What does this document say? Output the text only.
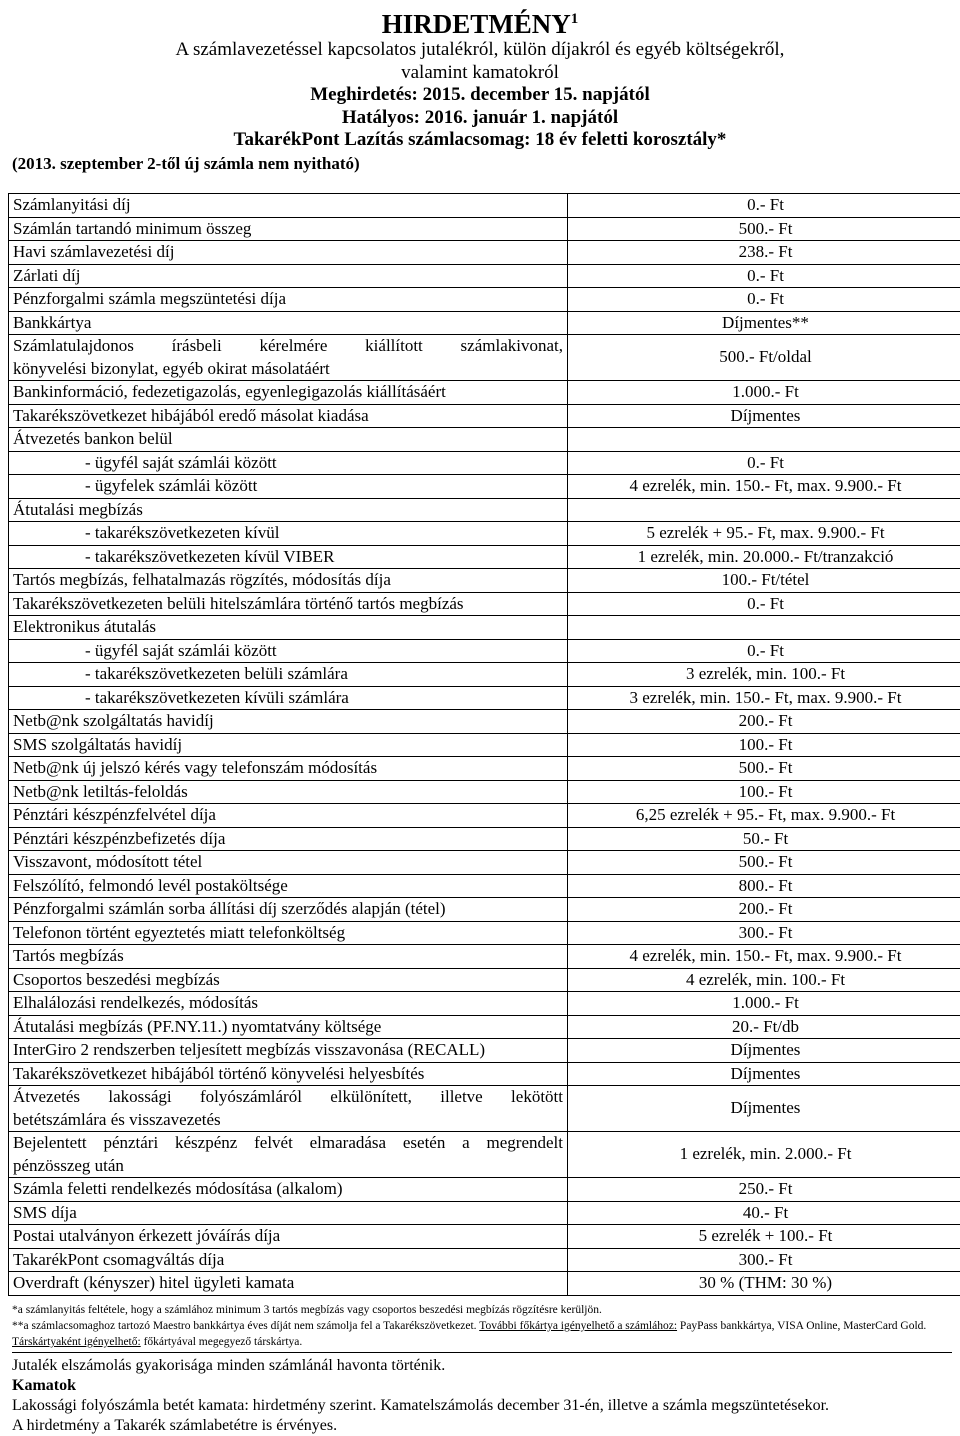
HIRDETMÉNY$^1$
A számlavezetéssel kapcsolatos jutalékról, külön díjakról és egyéb költségekről,
valamint kamatokról
Meghirdetés: 2015. december 15. napjától
Hatályos: 2016. január 1. napjától
TakarékPont Lazítás számlacsomag: 18 év feletti korosztály*
(2013. szeptember 2-től új számla nem nyitható)
Számlanyitási díj	0.- Ft
Számlán tartandó minimum összeg	500.- Ft
Havi számlavezetési díj	238.- Ft
Zárlati díj	0.- Ft
Pénzforgalmi számla megszüntetési díja	0.- Ft
Bankkártya	Díjmentes**

Számlatulajdonos írásbeli kérelmére kiállított számlakivonat,
könyvelési bizonylat, egyéb okirat másolatáért	500.- Ft/oldal
Bankinformáció, fedezetigazolás, egyenlegigazolás kiállításáért	1.000.- Ft
Takarékszövetkezet hibájából eredő másolat kiadása	Díjmentes
Átvezetés bankon belül	

- ügyfél saját számlái között	0.- Ft

- ügyfelek számlái között	4 ezrelék, min. 150.- Ft, max. 9.900.- Ft
Átutalási megbízás	

- takarékszövetkezeten kívül	5 ezrelék + 95.- Ft, max. 9.900.- Ft

- takarékszövetkezeten kívül VIBER	1 ezrelék, min. 20.000.- Ft/tranzakció
Tartós megbízás, felhatalmazás rögzítés, módosítás díja	100.- Ft/tétel
Takarékszövetkezeten belüli hitelszámlára történő tartós megbízás	0.- Ft
Elektronikus átutalás	

- ügyfél saját számlái között	0.- Ft

- takarékszövetkezeten belüli számlára	3 ezrelék, min. 100.- Ft

- takarékszövetkezeten kívüli számlára	3 ezrelék, min. 150.- Ft, max. 9.900.- Ft
Netb@nk szolgáltatás havidíj	200.- Ft
SMS szolgáltatás havidíj	100.- Ft
Netb@nk új jelszó kérés vagy telefonszám módosítás	500.- Ft
Netb@nk letiltás-feloldás	100.- Ft
Pénztári készpénzfelvétel díja	6,25 ezrelék + 95.- Ft, max. 9.900.- Ft
Pénztári készpénzbefizetés díja	50.- Ft
Visszavont, módosított tétel	500.- Ft
Felszólító, felmondó levél postaköltsége	800.- Ft
Pénzforgalmi számlán sorba állítási díj szerződés alapján (tétel)	200.- Ft
Telefonon történt egyeztetés miatt telefonköltség	300.- Ft
Tartós megbízás	4 ezrelék, min. 150.- Ft, max. 9.900.- Ft
Csoportos beszedési megbízás	4 ezrelék, min. 100.- Ft
Elhalálozási rendelkezés, módosítás	1.000.- Ft
Átutalási megbízás (PF.NY.11.) nyomtatvány költsége	20.- Ft/db
InterGiro 2 rendszerben teljesített megbízás visszavonása (RECALL)	Díjmentes
Takarékszövetkezet hibájából történő könyvelési helyesbítés	Díjmentes

Átvezetés lakossági folyószámláról elkülönített, illetve lekötött
betétszámlára és visszavezetés	Díjmentes

Bejelentett pénztári készpénz felvét elmaradása esetén a megrendelt
pénzösszeg után	1 ezrelék, min. 2.000.- Ft
Számla feletti rendelkezés módosítása (alkalom)	250.- Ft
SMS díja	40.- Ft
Postai utalványon érkezett jóváírás díja	5 ezrelék + 100.- Ft
TakarékPont csomagváltás díja	300.- Ft
Overdraft (kényszer) hitel ügyleti kamata	30 % (THM: 30 %)
*a számlanyitás feltétele, hogy a számlához minimum 3 tartós megbízás vagy csoportos beszedési megbízás rögzítésre kerüljön.
**a számlacsomaghoz tartozó Maestro bankkártya éves díját nem számolja fel a Takarékszövetkezet. További főkártya igényelhető a számlához: PayPass bankkártya, VISA Online, MasterCard Gold. Társkártyaként igényelhető: főkártyával megegyező társkártya.
Jutalék elszámolás gyakorisága minden számlánál havonta történik.
Kamatok
Lakossági folyószámla betét kamata: hirdetmény szerint. Kamatelszámolás december 31-én, illetve a számla megszüntetésekor.
A hirdetmény a Takarék számlabetétre is érvényes.
